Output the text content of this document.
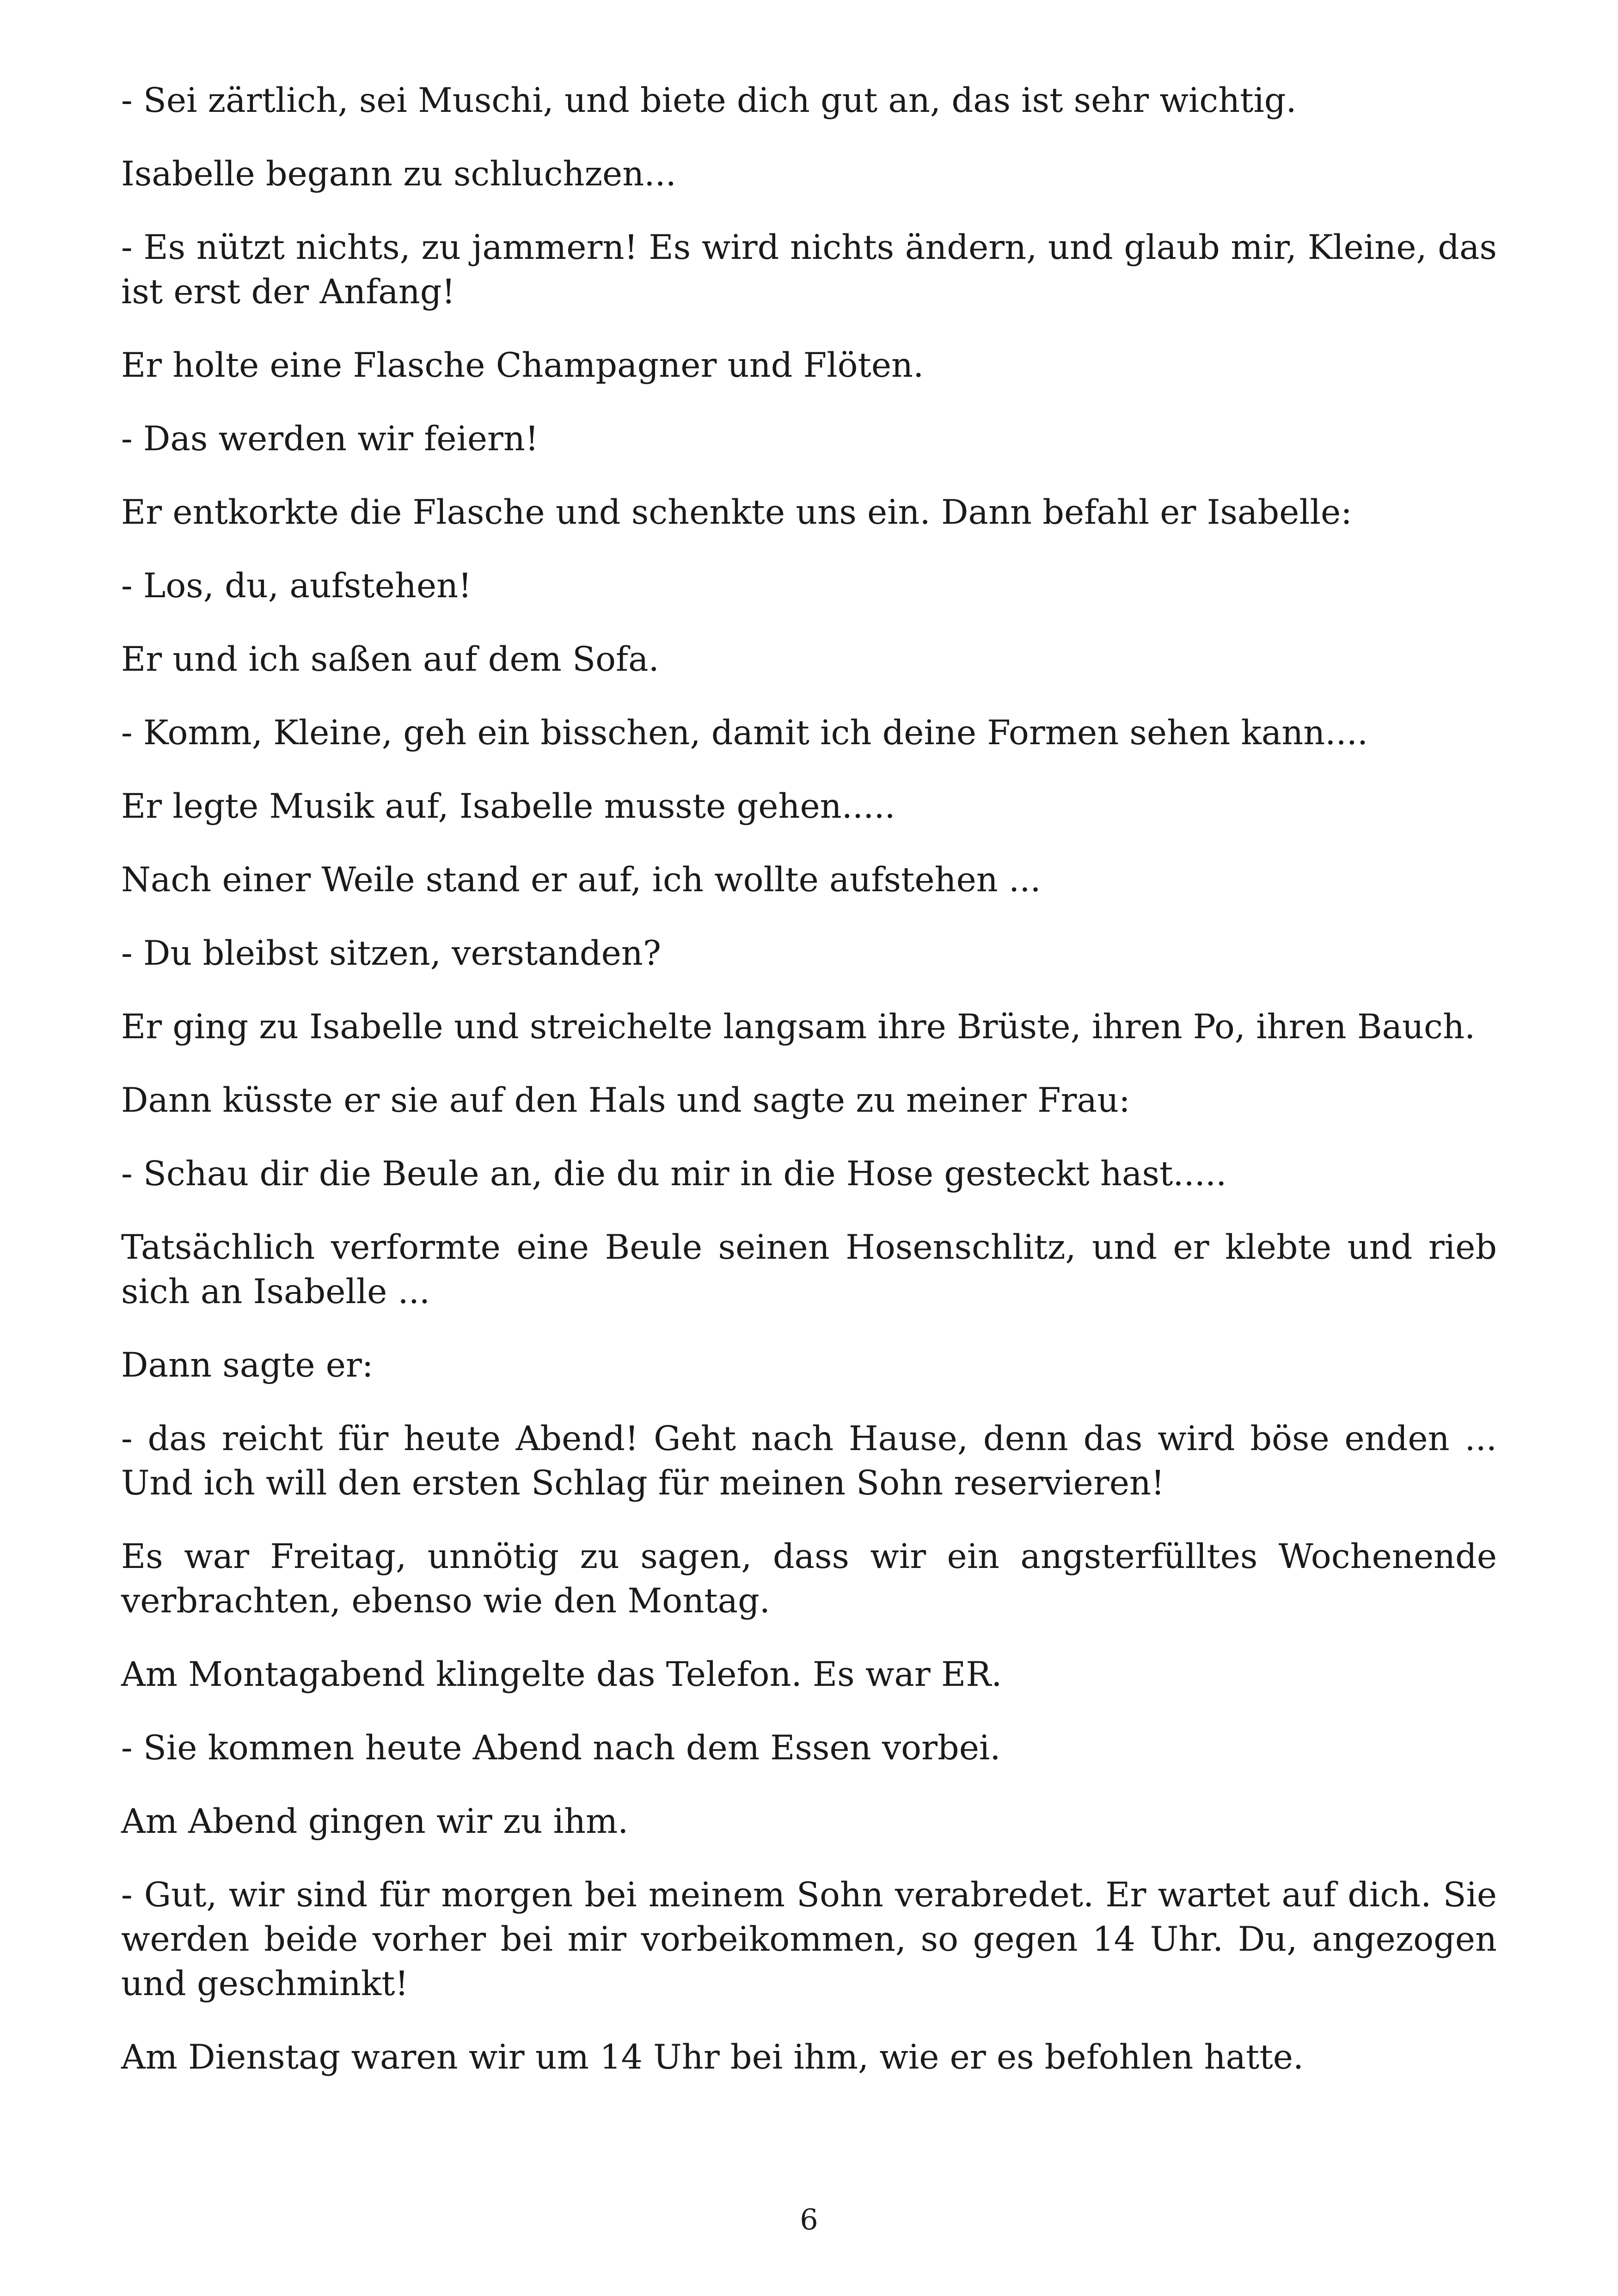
- Sei zärtlich, sei Muschi, und biete dich gut an, das ist sehr wichtig.

Isabelle begann zu schluchzen...

- Es nützt nichts, zu jammern! Es wird nichts ändern, und glaub mir, Kleine, das ist erst der Anfang!

Er holte eine Flasche Champagner und Flöten.

- Das werden wir feiern!

Er entkorkte die Flasche und schenkte uns ein. Dann befahl er Isabelle:

- Los, du, aufstehen!

Er und ich saßen auf dem Sofa.

- Komm, Kleine, geh ein bisschen, damit ich deine Formen sehen kann....

Er legte Musik auf, Isabelle musste gehen.....

Nach einer Weile stand er auf, ich wollte aufstehen ...

- Du bleibst sitzen, verstanden?

Er ging zu Isabelle und streichelte langsam ihre Brüste, ihren Po, ihren Bauch.

Dann küsste er sie auf den Hals und sagte zu meiner Frau:

- Schau dir die Beule an, die du mir in die Hose gesteckt hast.....

Tatsächlich verformte eine Beule seinen Hosenschlitz, und er klebte und rieb sich an Isabelle ...

Dann sagte er:

- das reicht für heute Abend! Geht nach Hause, denn das wird böse enden ... Und ich will den ersten Schlag für meinen Sohn reservieren!

Es war Freitag, unnötig zu sagen, dass wir ein angsterfülltes Wochenende verbrachten, ebenso wie den Montag.

Am Montagabend klingelte das Telefon. Es war ER.

- Sie kommen heute Abend nach dem Essen vorbei.

Am Abend gingen wir zu ihm.

- Gut, wir sind für morgen bei meinem Sohn verabredet. Er wartet auf dich. Sie werden beide vorher bei mir vorbeikommen, so gegen 14 Uhr. Du, angezogen und geschminkt!

Am Dienstag waren wir um 14 Uhr bei ihm, wie er es befohlen hatte.

6
